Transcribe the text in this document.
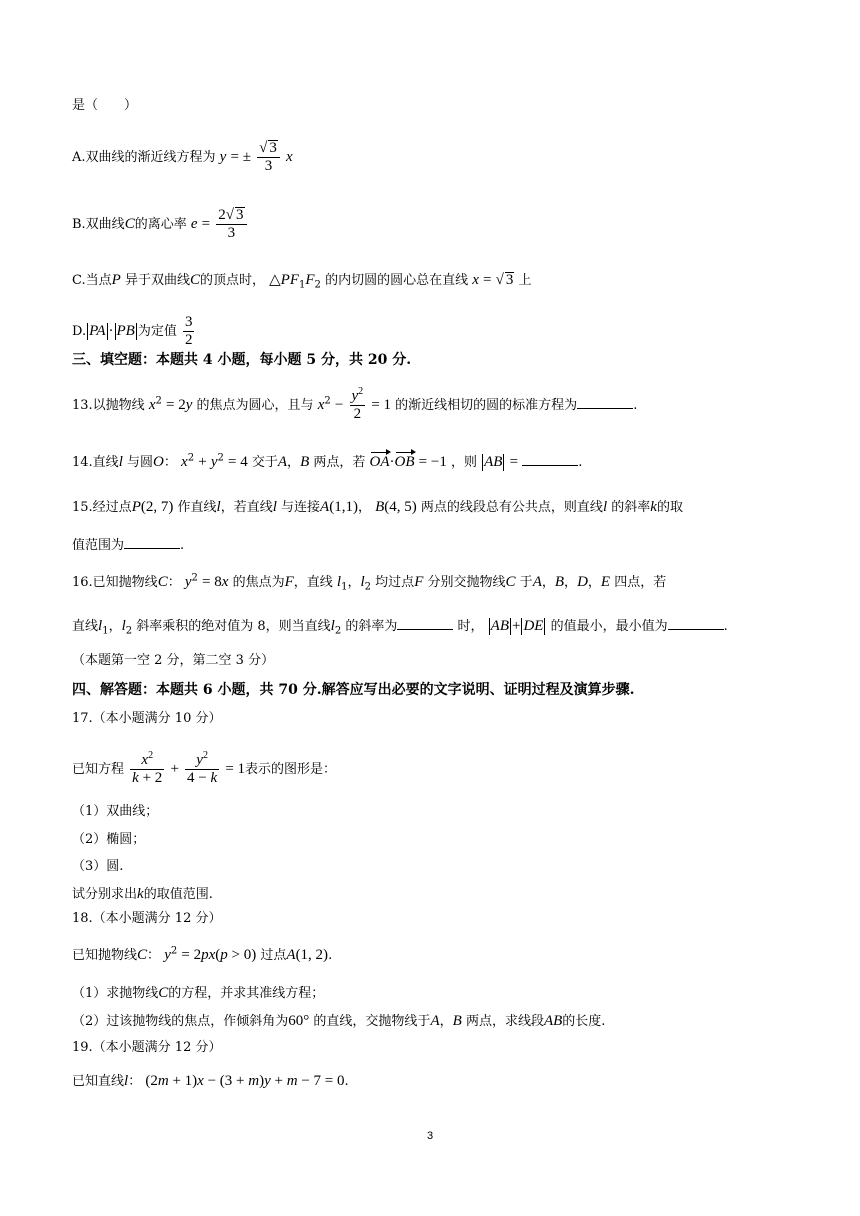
是（　　）
A.双曲线的渐近线方程为 y = ± $\frac{√ 3}{3}$ x
B.双曲线C的离心率 $e = \frac{2√ 3}{3}$
C.当点P 异于双曲线C的顶点时， $\triangle PF_1F_2$ 的内切圆的圆心总在直线 x = √ 3 上
D. PA · PB 为定值 $\frac{3}{2}$
三、填空题：本题共 4 小题，每小题 5 分，共 20 分.
13.以抛物线 $x^2 = 2y$ 的焦点为圆心，且与 $x^2 - \frac{y^2}{2} = 1$ 的渐近线相切的圆的标准方程为	.
14.直线l 与圆O： $x^2 + y^2 = 4$ 交于A，B 两点，若 OA·OB = −1 ，则 AB =	.
15.经过点P(2, 7) 作直线l，若直线l 与连接A(1,1)， B(4, 5) 两点的线段总有公共点，则直线l 的斜率k的取
值范围为	.
16.已知抛物线C： $y^2 = 8x$ 的焦点为F，直线 $l_1$，$l_2$ 均过点F 分别交抛物线C 于A，B，D，E 四点，若
直线$l_1$，$l_2$ 斜率乘积的绝对值为 8，则当直线$l_2$ 的斜率为	时， AB + DE 的值最小，最小值为	.
（本题第一空 2 分，第二空 3 分）
四、解答题：本题共 6 小题，共 70 分.解答应写出必要的文字说明、证明过程及演算步骤.
17.（本小题满分 10 分）
已知方程 $\frac{x^2}{k + 2} + \frac{y^2}{4 - k} = 1$表示的图形是：
（1）双曲线；
（2）椭圆；
（3）圆.
试分别求出k的取值范围.
18.（本小题满分 12 分）
已知抛物线C： $y^2 = 2px(p > 0)$ 过点A(1, 2).
（1）求抛物线C的方程，并求其准线方程；
（2）过该抛物线的焦点，作倾斜角为60° 的直线，交抛物线于A，B 两点，求线段AB的长度.
19.（本小题满分 12 分）
已知直线l： (2m + 1)x − (3 + m)y + m − 7 = 0.
3
